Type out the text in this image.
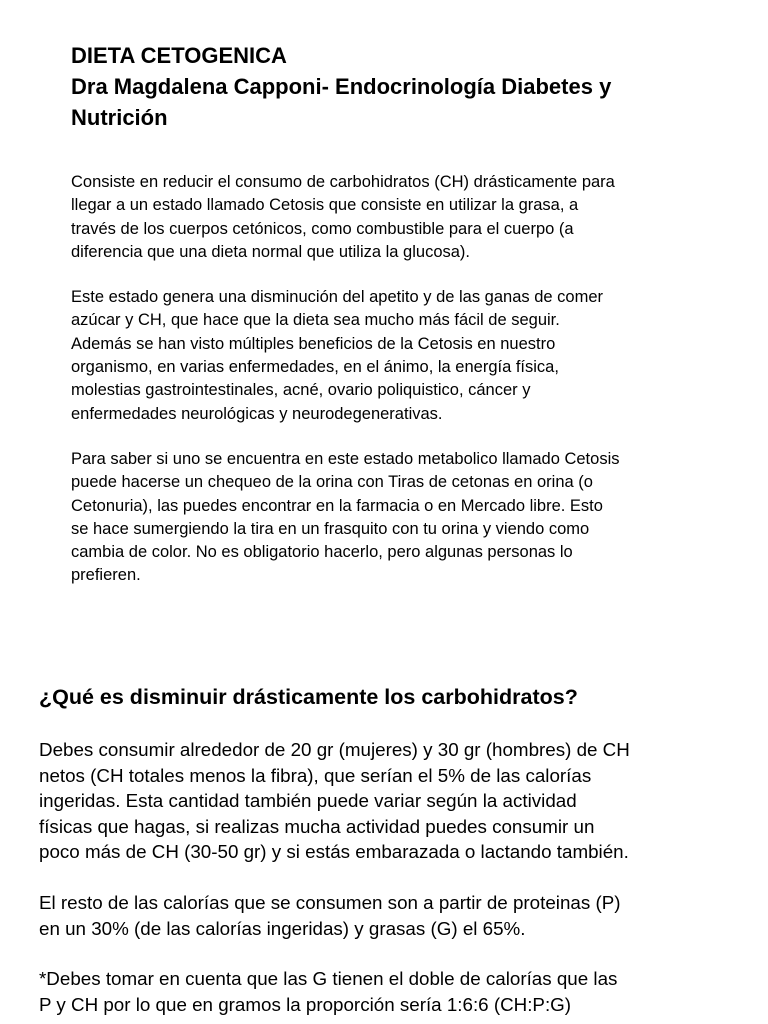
DIETA CETOGENICA
Dra Magdalena Capponi- Endocrinología Diabetes y
Nutrición

Consiste en reducir el consumo de carbohidratos (CH) drásticamente para
llegar a un estado llamado Cetosis que consiste en utilizar la grasa, a
través de los cuerpos cetónicos, como combustible para el cuerpo (a
diferencia que una dieta normal que utiliza la glucosa).

Este estado genera una disminución del apetito y de las ganas de comer
azúcar y CH, que hace que la dieta sea mucho más fácil de seguir.
Además se han visto múltiples beneficios de la Cetosis en nuestro
organismo, en varias enfermedades, en el ánimo, la energía física,
molestias gastrointestinales, acné, ovario poliquistico, cáncer y
enfermedades neurológicas y neurodegenerativas.

Para saber si uno se encuentra en este estado metabolico llamado Cetosis
puede hacerse un chequeo de la orina con Tiras de cetonas en orina (o
Cetonuria), las puedes encontrar en la farmacia o en Mercado libre. Esto
se hace sumergiendo la tira en un frasquito con tu orina y viendo como
cambia de color. No es obligatorio hacerlo, pero algunas personas lo
prefieren.

¿Qué es disminuir drásticamente los carbohidratos?

Debes consumir alrededor de 20 gr (mujeres) y 30 gr (hombres) de CH
netos (CH totales menos la fibra), que serían el 5% de las calorías
ingeridas. Esta cantidad también puede variar según la actividad
físicas que hagas, si realizas mucha actividad puedes consumir un
poco más de CH (30-50 gr) y si estás embarazada o lactando también.

El resto de las calorías que se consumen son a partir de proteinas (P)
en un 30% (de las calorías ingeridas) y grasas (G) el 65%.

*Debes tomar en cuenta que las G tienen el doble de calorías que las
P y CH por lo que en gramos la proporción sería 1:6:6 (CH:P:G)
